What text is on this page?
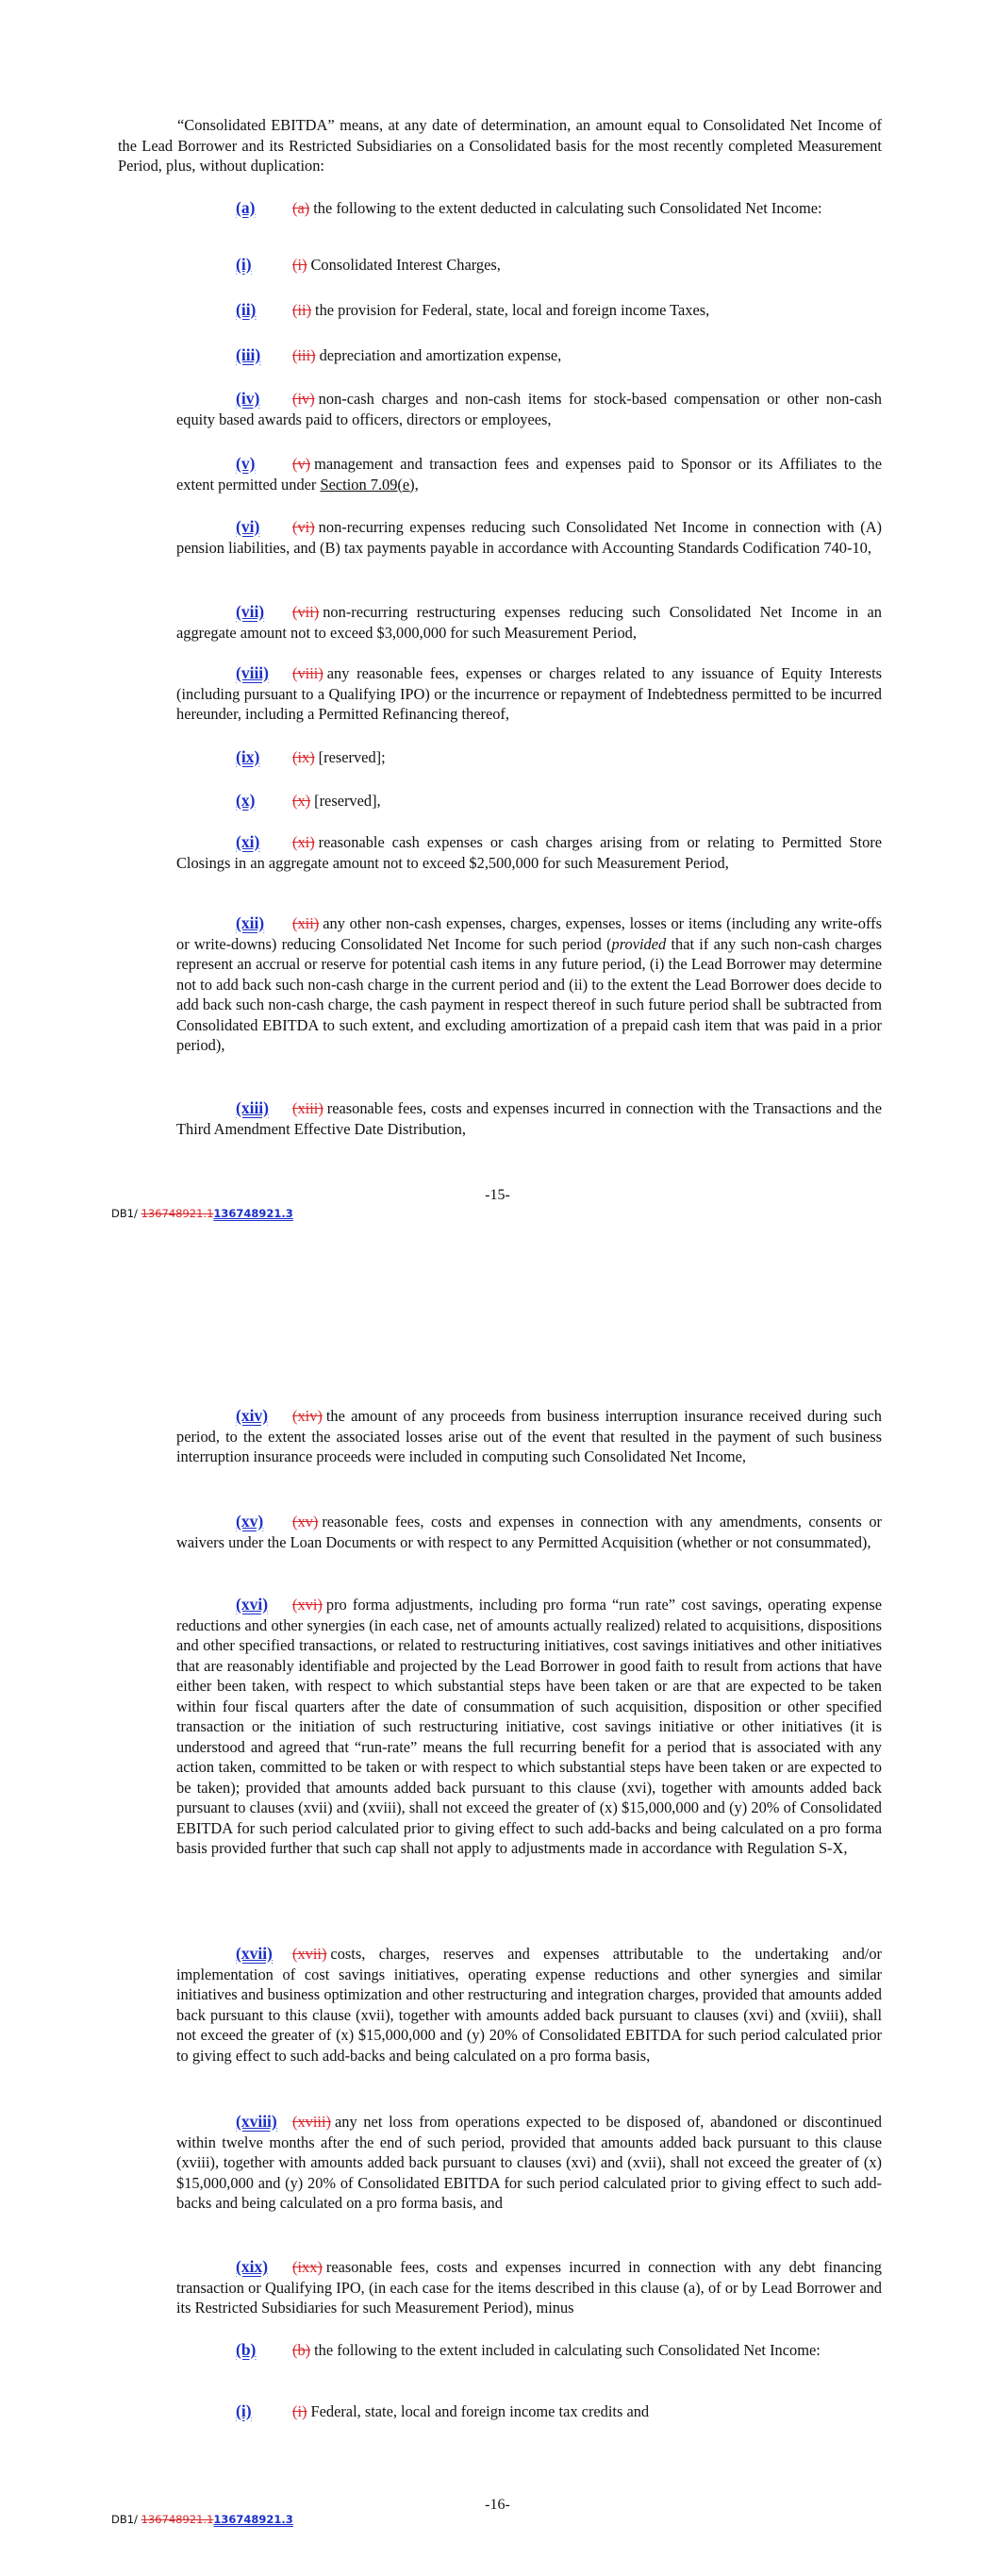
“Consolidated EBITDA” means, at any date of determination, an amount equal to Consolidated Net Income of the Lead Borrower and its Restricted Subsidiaries on a Consolidated basis for the most recently completed Measurement Period, plus, without duplication:
(a) (a) the following to the extent deducted in calculating such Consolidated Net Income:
(i)	(i) Consolidated Interest Charges,
(ii) (ii) the provision for Federal, state, local and foreign income Taxes,
(iii) (iii) depreciation and amortization expense,
(iv) (iv) non-cash charges and non-cash items for stock-based compensation or other non-cash equity based awards paid to officers, directors or employees,
(v) (v) management and transaction fees and expenses paid to Sponsor or its Affiliates to the extent permitted under Section 7.09(e),
(vi) (vi) non-recurring expenses reducing such Consolidated Net Income in connection with (A) pension liabilities, and (B) tax payments payable in accordance with Accounting Standards Codification 740-10,
(vii) (vii) non-recurring restructuring expenses reducing such Consolidated Net Income in an aggregate amount not to exceed $3,000,000 for such Measurement Period,
(viii) (viii) any reasonable fees, expenses or charges related to any issuance of Equity Interests (including pursuant to a Qualifying IPO) or the incurrence or repayment of Indebtedness permitted to be incurred hereunder, including a Permitted Refinancing thereof,
(ix) (ix) [reserved];
(x) (x) [reserved],
(xi) (xi) reasonable cash expenses or cash charges arising from or relating to Permitted Store Closings in an aggregate amount not to exceed $2,500,000 for such Measurement Period,
(xii) (xii) any other non-cash expenses, charges, expenses, losses or items (including any write-offs or write-downs) reducing Consolidated Net Income for such period (provided that if any such non-cash charges represent an accrual or reserve for potential cash items in any future period, (i) the Lead Borrower may determine not to add back such non-cash charge in the current period and (ii) to the extent the Lead Borrower does decide to add back such non-cash charge, the cash payment in respect thereof in such future period shall be subtracted from Consolidated EBITDA to such extent, and excluding amortization of a prepaid cash item that was paid in a prior period),
(xiii) (xiii) reasonable fees, costs and expenses incurred in connection with the Transactions and the Third Amendment Effective Date Distribution,
-15-
DB1/ 136748921.1136748921.3
(xiv) (xiv) the amount of any proceeds from business interruption insurance received during such period, to the extent the associated losses arise out of the event that resulted in the payment of such business interruption insurance proceeds were included in computing such Consolidated Net Income,
(xv) (xv) reasonable fees, costs and expenses in connection with any amendments, consents or waivers under the Loan Documents or with respect to any Permitted Acquisition (whether or not consummated),
(xvi) (xvi) pro forma adjustments, including pro forma “run rate” cost savings, operating expense reductions and other synergies (in each case, net of amounts actually realized) related to acquisitions, dispositions and other specified transactions, or related to restructuring initiatives, cost savings initiatives and other initiatives that are reasonably identifiable and projected by the Lead Borrower in good faith to result from actions that have either been taken, with respect to which substantial steps have been taken or are that are expected to be taken within four fiscal quarters after the date of consummation of such acquisition, disposition or other specified transaction or the initiation of such restructuring initiative, cost savings initiative or other initiatives (it is understood and agreed that “run-rate” means the full recurring benefit for a period that is associated with any action taken, committed to be taken or with respect to which substantial steps have been taken or are expected to be taken); provided that amounts added back pursuant to this clause (xvi), together with amounts added back pursuant to clauses (xvii) and (xviii), shall not exceed the greater of (x) $15,000,000 and (y) 20% of Consolidated EBITDA for such period calculated prior to giving effect to such add-backs and being calculated on a pro forma basis provided further that such cap shall not apply to adjustments made in accordance with Regulation S-X,
(xvii) (xvii) costs, charges, reserves and expenses attributable to the undertaking and/or implementation of cost savings initiatives, operating expense reductions and other synergies and similar initiatives and business optimization and other restructuring and integration charges, provided that amounts added back pursuant to this clause (xvii), together with amounts added back pursuant to clauses (xvi) and (xviii), shall not exceed the greater of (x) $15,000,000 and (y) 20% of Consolidated EBITDA for such period calculated prior to giving effect to such add-backs and being calculated on a pro forma basis,
(xviii) (xviii) any net loss from operations expected to be disposed of, abandoned or discontinued within twelve months after the end of such period, provided that amounts added back pursuant to this clause (xviii), together with amounts added back pursuant to clauses (xvi) and (xvii), shall not exceed the greater of (x) $15,000,000 and (y) 20% of Consolidated EBITDA for such period calculated prior to giving effect to such add-backs and being calculated on a pro forma basis, and
(xix) (ixx) reasonable fees, costs and expenses incurred in connection with any debt financing transaction or Qualifying IPO, (in each case for the items described in this clause (a), of or by Lead Borrower and its Restricted Subsidiaries for such Measurement Period), minus
(b) (b) the following to the extent included in calculating such Consolidated Net Income:
(i)	(i) Federal, state, local and foreign income tax credits and
-16-
DB1/ 136748921.1136748921.3
